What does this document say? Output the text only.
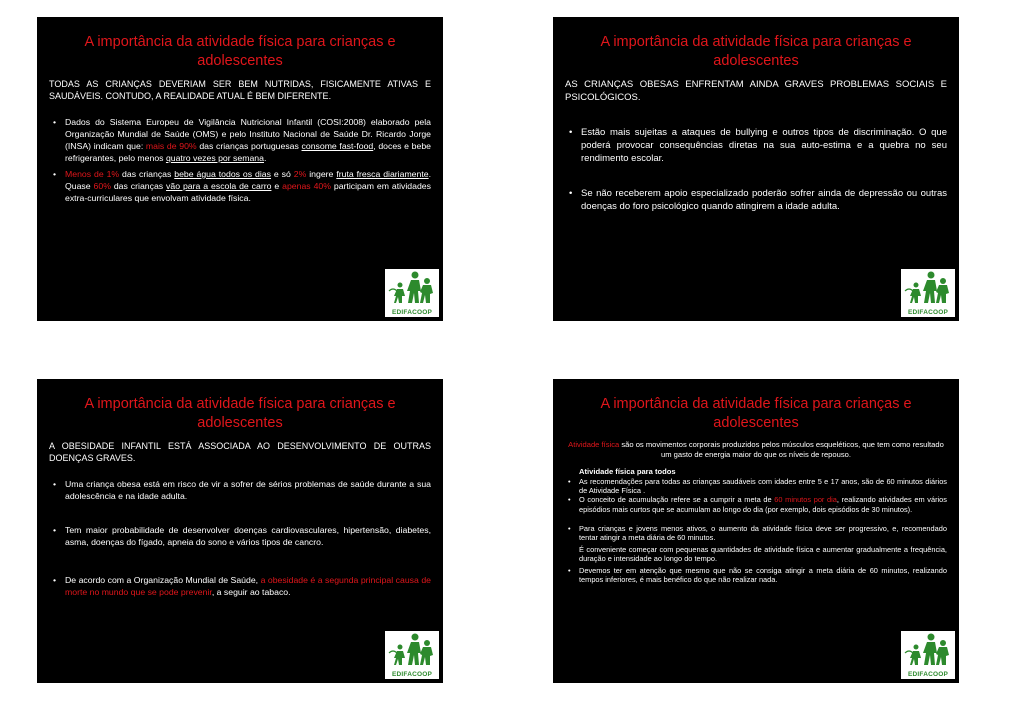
A importância da atividade física para crianças e
adolescentes

TODAS AS CRIANÇAS DEVERIAM SER BEM NUTRIDAS, FISICAMENTE ATIVAS E SAUDÁVEIS. CONTUDO, A REALIDADE ATUAL É BEM DIFERENTE.

• Dados do Sistema Europeu de Vigilância Nutricional Infantil (COSI:2008) elaborado pela Organização Mundial de Saúde (OMS) e pelo Instituto Nacional de Saúde Dr. Ricardo Jorge (INSA) indicam que: mais de 90% das crianças portuguesas consome fast-food, doces e bebe refrigerantes, pelo menos quatro vezes por semana.
• Menos de 1% das crianças bebe água todos os dias e só 2% ingere fruta fresca diariamente. Quase 60% das crianças vão para a escola de carro e apenas 40% participam em atividades extra-curriculares que envolvam atividade física.
EDIFACOOP
A importância da atividade física para crianças e
adolescentes

AS CRIANÇAS OBESAS ENFRENTAM AINDA GRAVES PROBLEMAS SOCIAIS E PSICOLÓGICOS.

• Estão mais sujeitas a ataques de bullying e outros tipos de discriminação. O que poderá provocar consequências diretas na sua auto-estima e a quebra no seu rendimento escolar.
• Se não receberem apoio especializado poderão sofrer ainda de depressão ou outras doenças do foro psicológico quando atingirem a idade adulta.
EDIFACOOP
A importância da atividade física para crianças e
adolescentes

A OBESIDADE INFANTIL ESTÁ ASSOCIADA AO DESENVOLVIMENTO DE OUTRAS DOENÇAS GRAVES.

• Uma criança obesa está em risco de vir a sofrer de sérios problemas de saúde durante a sua adolescência e na idade adulta.
• Tem maior probabilidade de desenvolver doenças cardiovasculares, hipertensão, diabetes, asma, doenças do fígado, apneia do sono e vários tipos de cancro.
• De acordo com a Organização Mundial de Saúde, a obesidade é a segunda principal causa de morte no mundo que se pode prevenir, a seguir ao tabaco.
EDIFACOOP
A importância da atividade física para crianças e
adolescentes

Atividade física são os movimentos corporais produzidos pelos músculos esqueléticos, que tem como resultado um gasto de energia maior do que os níveis de repouso.

Atividade física para todos

• As recomendações para todas as crianças saudáveis com idades entre 5 e 17 anos, são de 60 minutos diários de Atividade Física .
• O conceito de acumulação refere se a cumprir a meta de 60 minutos por dia, realizando atividades em vários episódios mais curtos que se acumulam ao longo do dia (por exemplo, dois episódios de 30 minutos).
• Para crianças e jovens menos ativos, o aumento da atividade física deve ser progressivo, e, recomendado tentar atingir a meta diária de 60 minutos.
É conveniente começar com pequenas quantidades de atividade física e aumentar gradualmente a frequência, duração e intensidade ao longo do tempo.
• Devemos ter em atenção que mesmo que não se consiga atingir a meta diária de 60 minutos, realizando tempos inferiores, é mais benéfico do que não realizar nada.
EDIFACOOP
